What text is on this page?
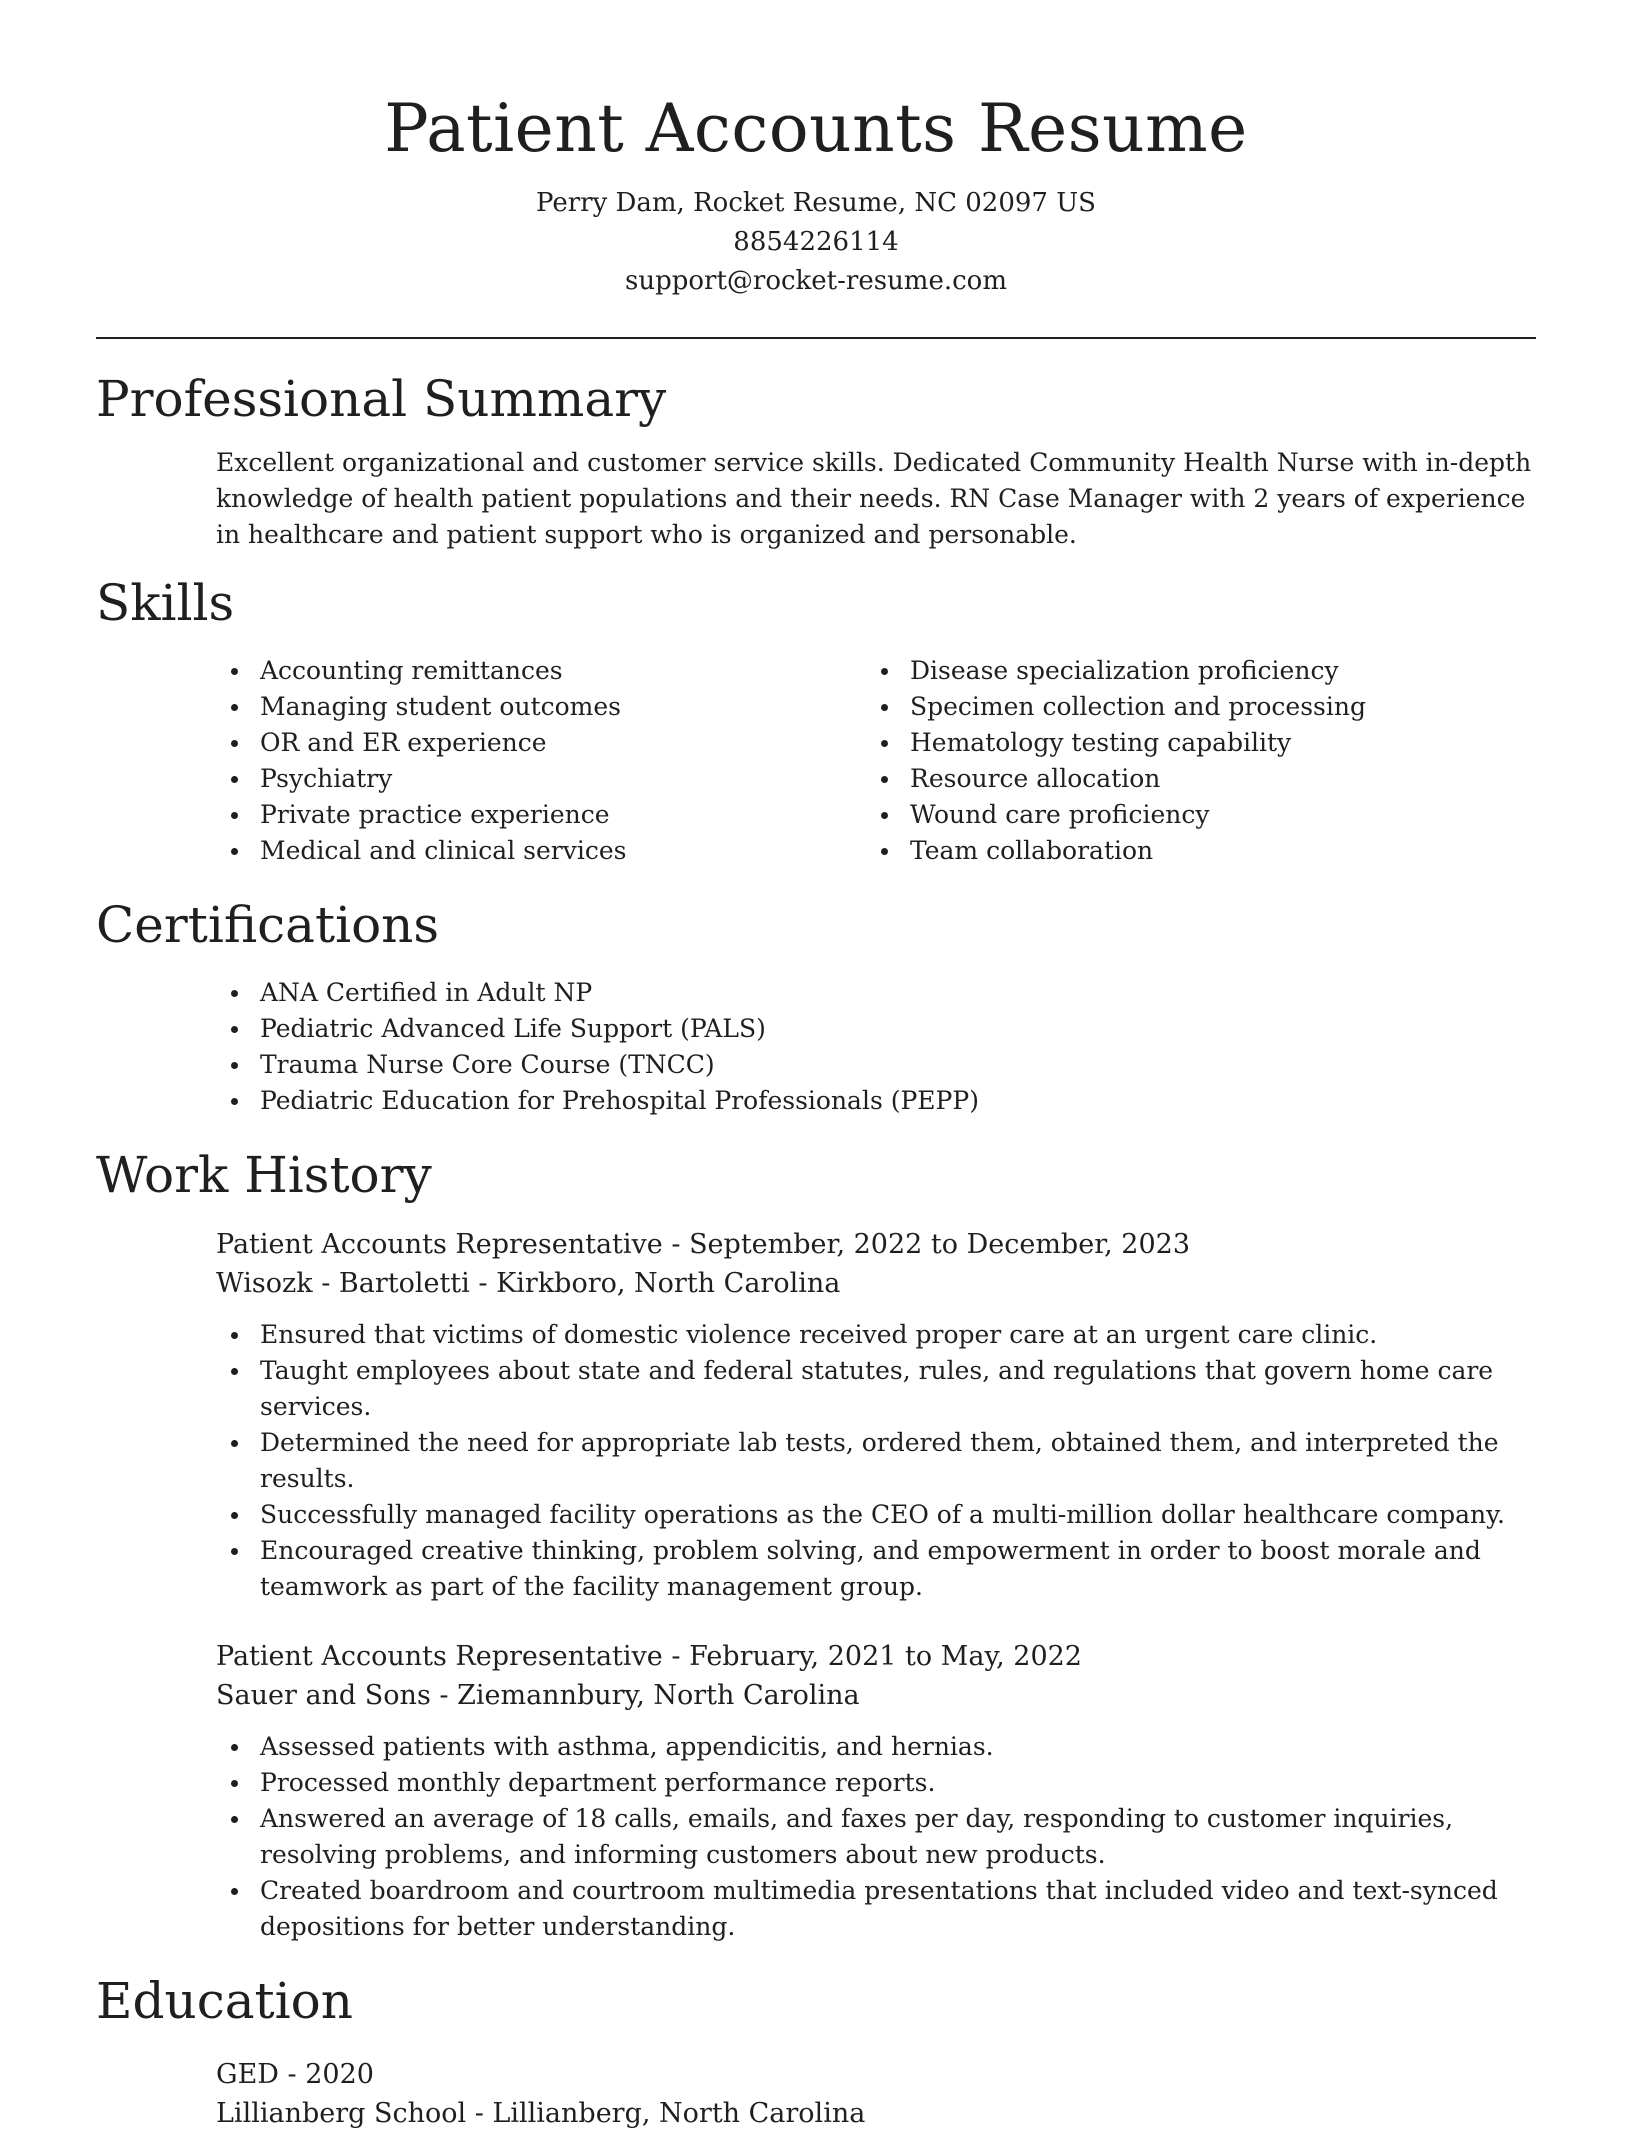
Patient Accounts Resume
Perry Dam, Rocket Resume, NC 02097 US
8854226114
support@rocket-resume.com
Professional Summary

Excellent organizational and customer service skills. Dedicated Community Health Nurse with in-depth knowledge of health patient populations and their needs. RN Case Manager with 2 years of experience in healthcare and patient support who is organized and personable.

Skills
Accounting remittances
Managing student outcomes
OR and ER experience
Psychiatry
Private practice experience
Medical and clinical services
Disease specialization proficiency
Specimen collection and processing
Hematology testing capability
Resource allocation
Wound care proficiency
Team collaboration
Certifications
ANA Certified in Adult NP
Pediatric Advanced Life Support (PALS)
Trauma Nurse Core Course (TNCC)
Pediatric Education for Prehospital Professionals (PEPP)
Work History
Patient Accounts Representative - September, 2022 to December, 2023
Wisozk - Bartoletti - Kirkboro, North Carolina
Ensured that victims of domestic violence received proper care at an urgent care clinic.
Taught employees about state and federal statutes, rules, and regulations that govern home care services.
Determined the need for appropriate lab tests, ordered them, obtained them, and interpreted the results.
Successfully managed facility operations as the CEO of a multi-million dollar healthcare company.
Encouraged creative thinking, problem solving, and empowerment in order to boost morale and teamwork as part of the facility management group.
Patient Accounts Representative - February, 2021 to May, 2022
Sauer and Sons - Ziemannbury, North Carolina
Assessed patients with asthma, appendicitis, and hernias.
Processed monthly department performance reports.
Answered an average of 18 calls, emails, and faxes per day, responding to customer inquiries, resolving problems, and informing customers about new products.
Created boardroom and courtroom multimedia presentations that included video and text-synced depositions for better understanding.
Education
GED - 2020
Lillianberg School - Lillianberg, North Carolina
